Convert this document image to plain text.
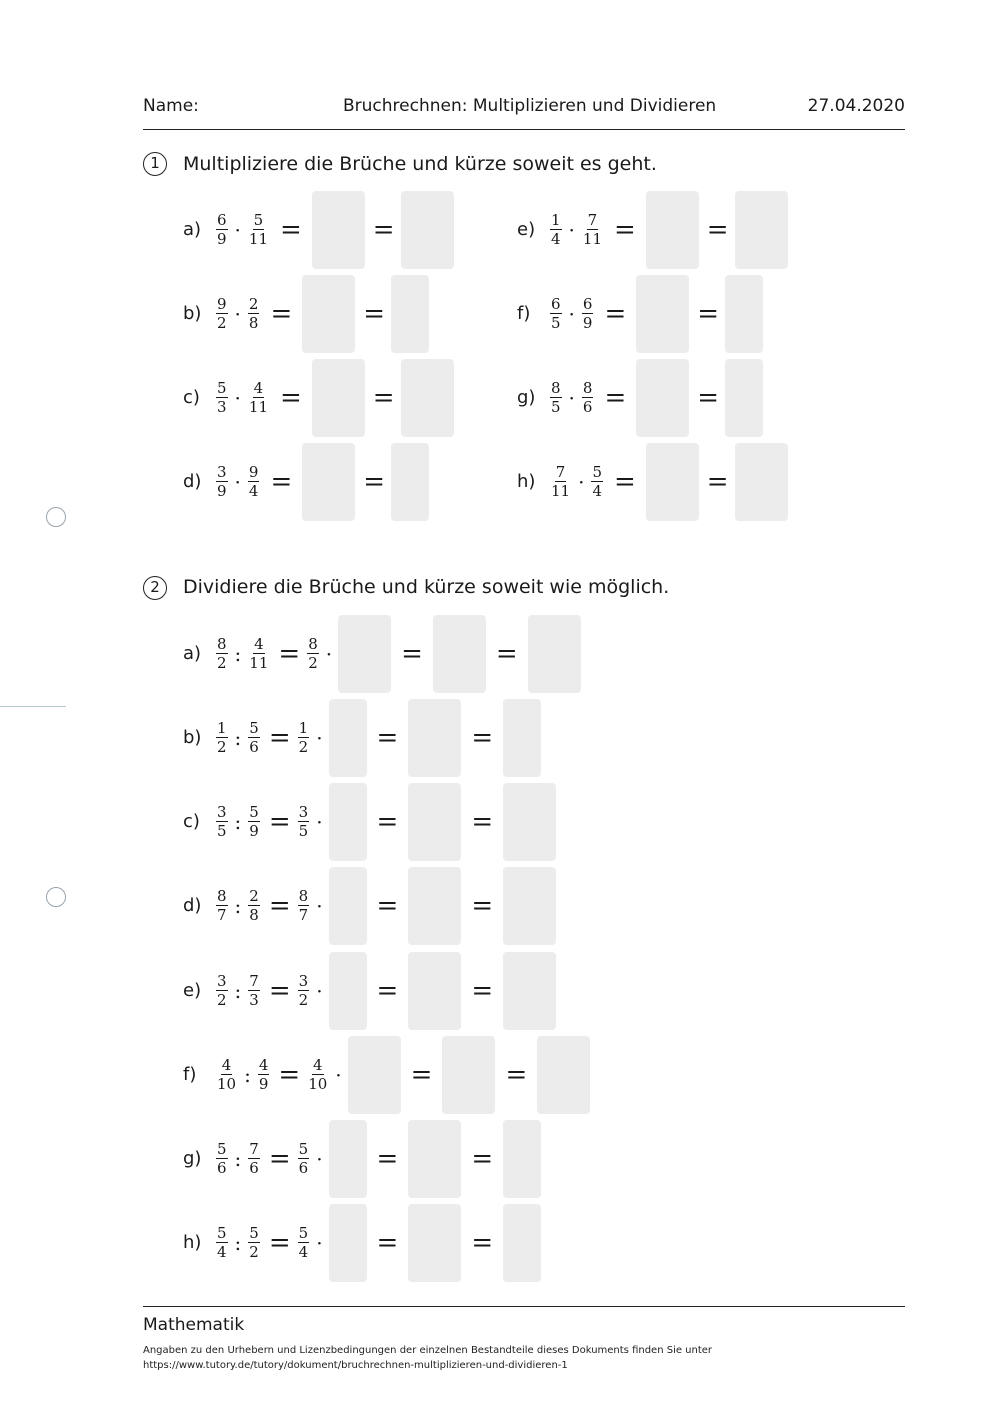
Name:	Bruchrechnen: Multiplizieren und Dividieren	27.04.2020
1	Multipliziere die Brüche und kürze soweit es geht.
$a) \frac{6}{9} \cdot \frac{5}{11}$ =	=
$b) \frac{9}{2} \cdot \frac{2}{8}$ =	=
$c) \frac{5}{3} \cdot \frac{4}{11}$ =	=
$d) \frac{3}{9} \cdot \frac{9}{4}$ =	=
$e) \frac{1}{4} \cdot \frac{7}{11}$ =	=
$f) \frac{6}{5} \cdot \frac{6}{9}$ =	=
$g) \frac{8}{5} \cdot \frac{8}{6}$ =	=
$h) \frac{7}{11} \cdot \frac{5}{4}$ =	=
2	Dividiere die Brüche und kürze soweit wie möglich.
$a) \frac{8}{2}$ : $\frac{4}{11} = \frac{8}{2}$ ·	=	=
$b) \frac{1}{2}$ : $\frac{5}{6} = \frac{1}{2}$ · =	=
$c) \frac{3}{5}$ : $\frac{5}{9} = \frac{3}{5}$ · =	=
$d) \frac{8}{7}$ : $\frac{2}{8} = \frac{8}{7}$ · =	=
$e) \frac{3}{2}$ : $\frac{7}{3} = \frac{3}{2}$ · =	=
$f) \frac{4}{10}$ : $\frac{4}{9} = \frac{4}{10}$ ·	=	=
$g) \frac{5}{6}$ : $\frac{7}{6} = \frac{5}{6}$ · =	=
$h) \frac{5}{4}$ : $\frac{5}{2} = \frac{5}{4}$ · =	=
Mathematik
Angaben zu den Urhebern und Lizenzbedingungen der einzelnen Bestandteile dieses Dokuments finden Sie unter
https://www.tutory.de/tutory/dokument/bruchrechnen-multiplizieren-und-dividieren-1
